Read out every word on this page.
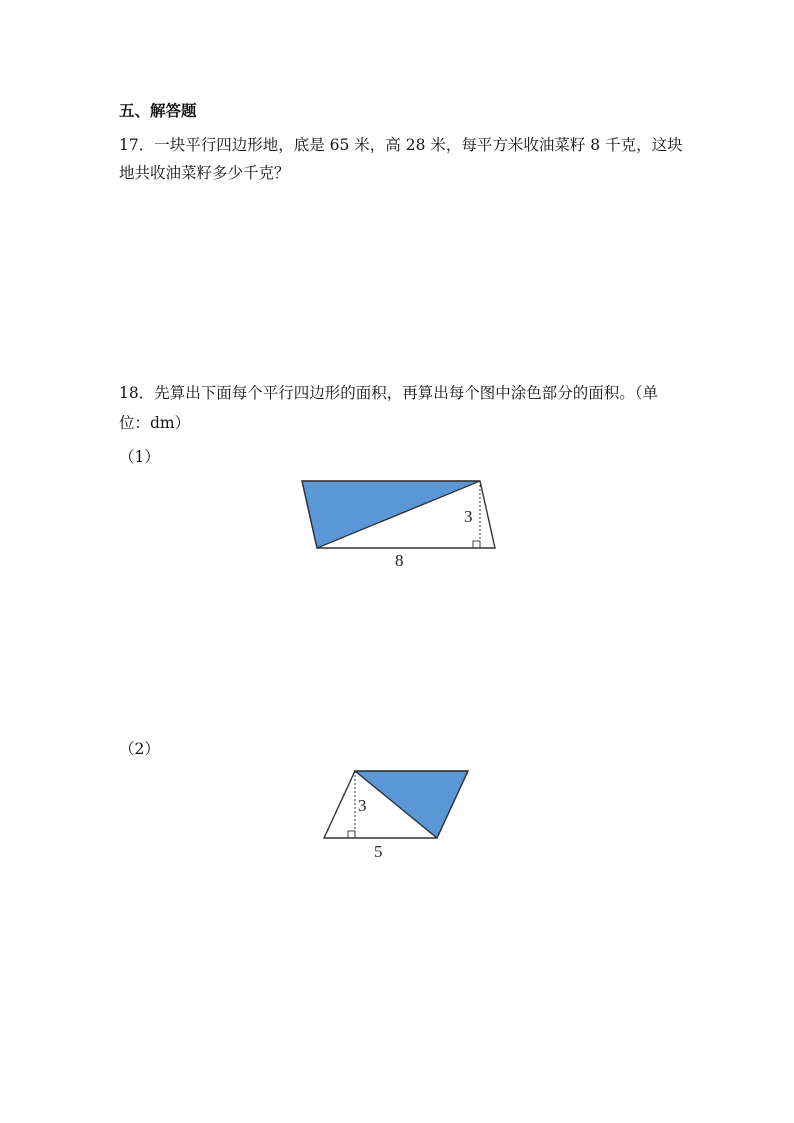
五、解答题
17．一块平行四边形地，底是 65 米，高 28 米，每平方米收油菜籽 8 千克，这块
地共收油菜籽多少千克？
18．先算出下面每个平行四边形的面积，再算出每个图中涂色部分的面积。（单
位：dm）
（1）
3
8
（2）
3
5
